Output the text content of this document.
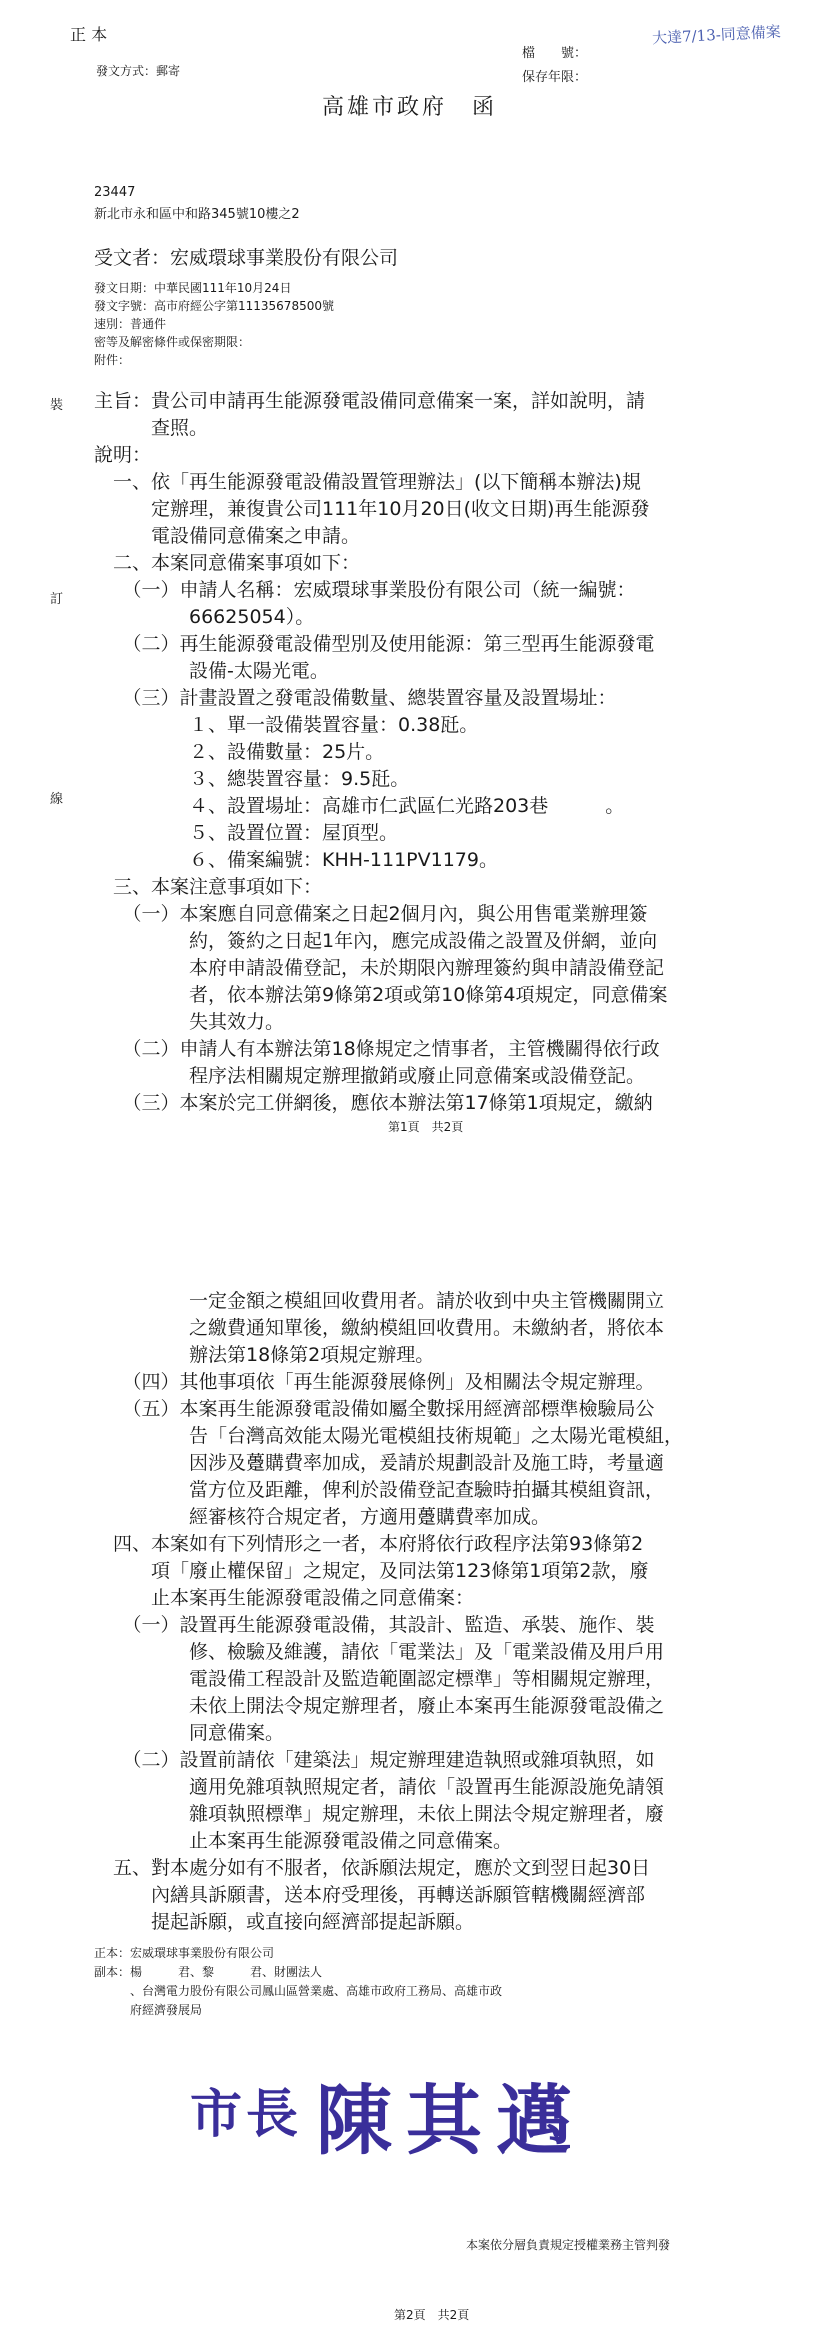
正 本
發文方式：郵寄
檔　　號：
保存年限：
大達7/13-同意備案
高雄市政府　函
23447
新北市永和區中和路345號10樓之2
受文者：宏威環球事業股份有限公司
發文日期：中華民國111年10月24日
發文字號：高市府經公字第11135678500號
速別：普通件
密等及解密條件或保密期限：
附件：
裝
訂
線
主旨：貴公司申請再生能源發電設備同意備案一案，詳如說明，請
　　　查照。
說明：
　一、依「再生能源發電設備設置管理辦法」(以下簡稱本辦法)規
　　　定辦理，兼復貴公司111年10月20日(收文日期)再生能源發
　　　電設備同意備案之申請。
　二、本案同意備案事項如下：
　　（一）申請人名稱：宏威環球事業股份有限公司（統一編號：
　　　　　66625054）。
　　（二）再生能源發電設備型別及使用能源：第三型再生能源發電
　　　　　設備-太陽光電。
　　（三）計畫設置之發電設備數量、總裝置容量及設置場址：
　　　　　１、單一設備裝置容量：0.38瓩。
　　　　　２、設備數量：25片。
　　　　　３、總裝置容量：9.5瓩。
　　　　　４、設置場址：高雄市仁武區仁光路203巷　　　。
　　　　　５、設置位置：屋頂型。
　　　　　６、備案編號：KHH-111PV1179。
　三、本案注意事項如下：
　　（一）本案應自同意備案之日起2個月內，與公用售電業辦理簽
　　　　　約，簽約之日起1年內，應完成設備之設置及併網，並向
　　　　　本府申請設備登記，未於期限內辦理簽約與申請設備登記
　　　　　者，依本辦法第9條第2項或第10條第4項規定，同意備案
　　　　　失其效力。
　　（二）申請人有本辦法第18條規定之情事者，主管機關得依行政
　　　　　程序法相關規定辦理撤銷或廢止同意備案或設備登記。
　　（三）本案於完工併網後，應依本辦法第17條第1項規定，繳納
第1頁　共2頁
　　　　　一定金額之模組回收費用者。請於收到中央主管機關開立
　　　　　之繳費通知單後，繳納模組回收費用。未繳納者，將依本
　　　　　辦法第18條第2項規定辦理。
　　（四）其他事項依「再生能源發展條例」及相關法令規定辦理。
　　（五）本案再生能源發電設備如屬全數採用經濟部標準檢驗局公
　　　　　告「台灣高效能太陽光電模組技術規範」之太陽光電模組，
　　　　　因涉及躉購費率加成，爰請於規劃設計及施工時，考量適
　　　　　當方位及距離，俾利於設備登記查驗時拍攝其模組資訊，
　　　　　經審核符合規定者，方適用躉購費率加成。
　四、本案如有下列情形之一者，本府將依行政程序法第93條第2
　　　項「廢止權保留」之規定，及同法第123條第1項第2款，廢
　　　止本案再生能源發電設備之同意備案：
　　（一）設置再生能源發電設備，其設計、監造、承裝、施作、裝
　　　　　修、檢驗及維護，請依「電業法」及「電業設備及用戶用
　　　　　電設備工程設計及監造範圍認定標準」等相關規定辦理，
　　　　　未依上開法令規定辦理者，廢止本案再生能源發電設備之
　　　　　同意備案。
　　（二）設置前請依「建築法」規定辦理建造執照或雜項執照，如
　　　　　適用免雜項執照規定者，請依「設置再生能源設施免請領
　　　　　雜項執照標準」規定辦理，未依上開法令規定辦理者，廢
　　　　　止本案再生能源發電設備之同意備案。
　五、對本處分如有不服者，依訴願法規定，應於文到翌日起30日
　　　內繕具訴願書，送本府受理後，再轉送訴願管轄機關經濟部
　　　提起訴願，或直接向經濟部提起訴願。
正本：宏威環球事業股份有限公司
副本：楊　　　君、黎　　　君、財團法人
　　　、台灣電力股份有限公司鳳山區營業處、高雄市政府工務局、高雄市政
　　　府經濟發展局
市長 陳其邁
本案依分層負責規定授權業務主管判發
第2頁　共2頁
